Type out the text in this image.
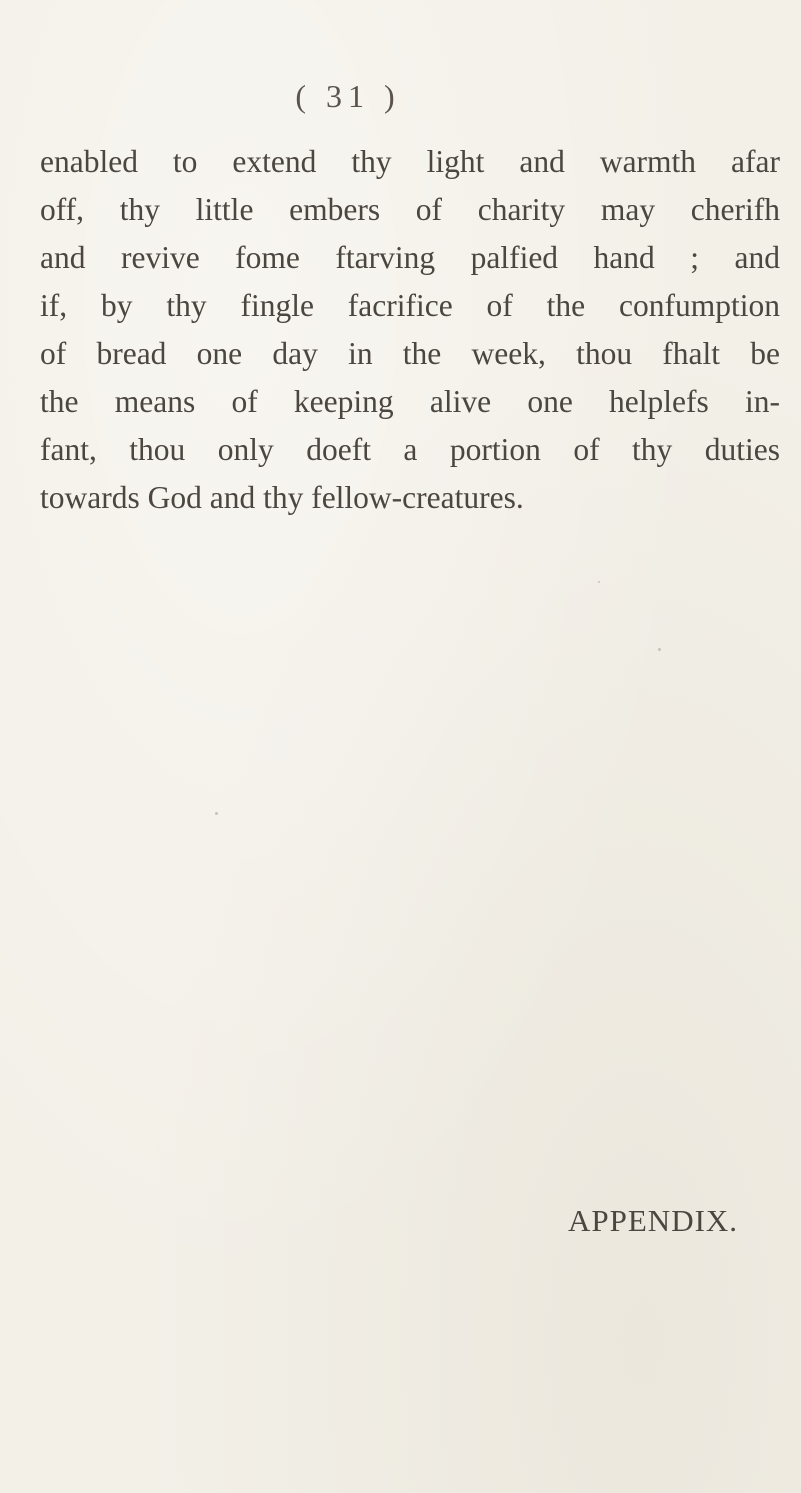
( 31 )

enabled to extend thy light and warmth afar
off, thy little embers of charity may cherifh
and revive fome ftarving palfied hand ; and
if, by thy fingle facrifice of the confumption
of bread one day in the week, thou fhalt be
the means of keeping alive one helplefs in-
fant, thou only doeft a portion of thy duties
towards God and thy fellow-creatures.

APPENDIX.
